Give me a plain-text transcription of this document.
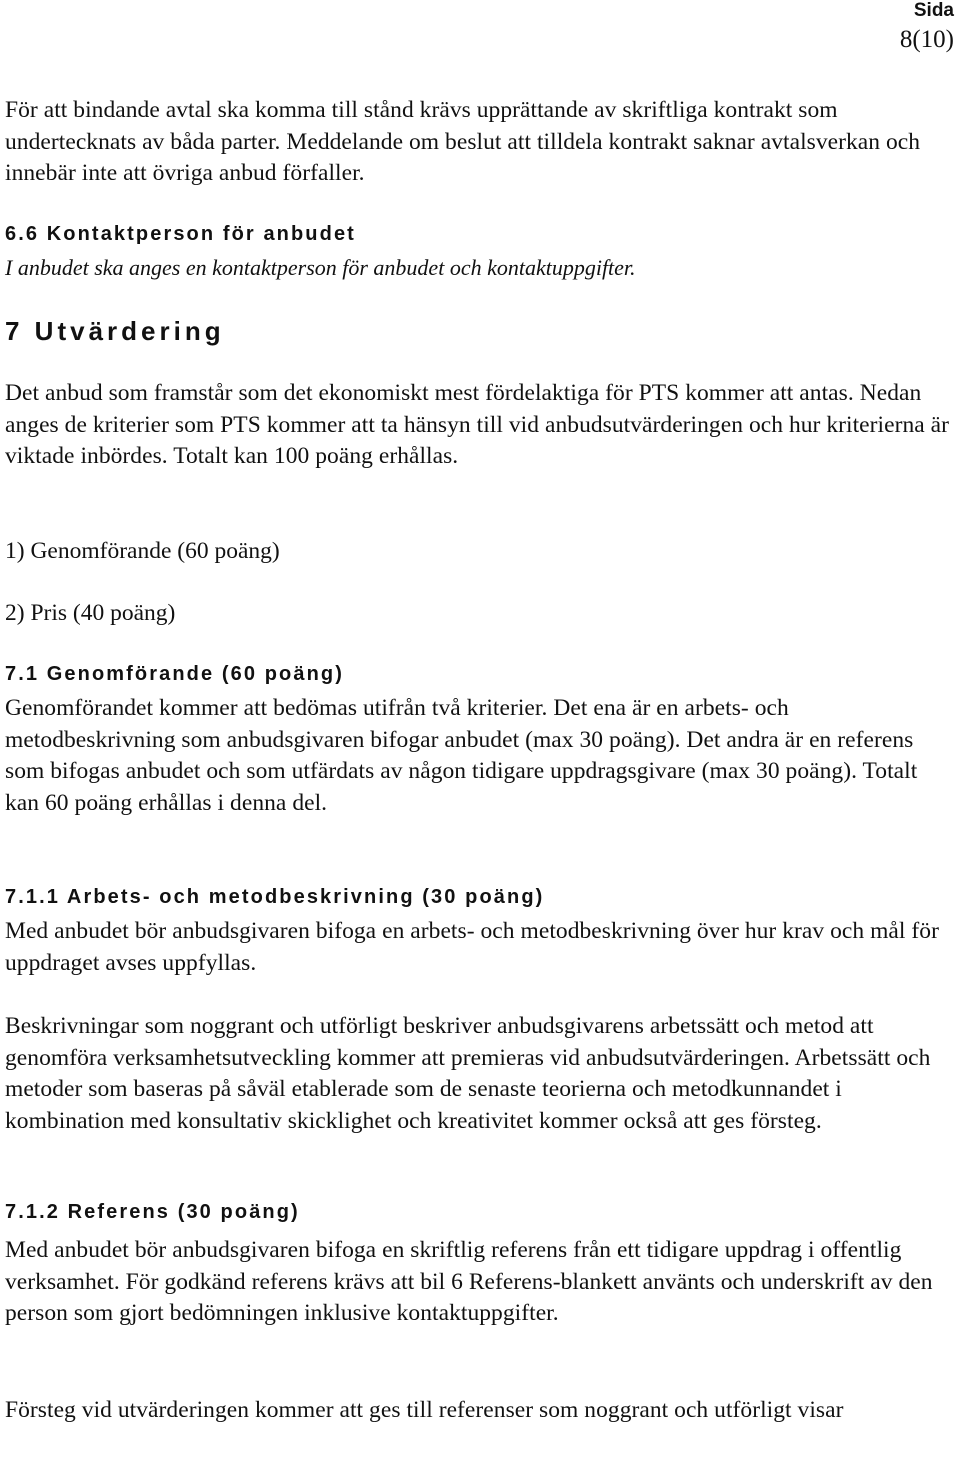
Sida
8(10)

För att bindande avtal ska komma till stånd krävs upprättande av skriftliga kontrakt som undertecknats av båda parter. Meddelande om beslut att tilldela kontrakt saknar avtalsverkan och innebär inte att övriga anbud förfaller.

6.6 Kontaktperson för anbudet

I anbudet ska anges en kontaktperson för anbudet och kontaktuppgifter.

7 Utvärdering

Det anbud som framstår som det ekonomiskt mest fördelaktiga för PTS kommer att antas. Nedan anges de kriterier som PTS kommer att ta hänsyn till vid anbudsutvärderingen och hur kriterierna är viktade inbördes. Totalt kan 100 poäng erhållas.

1) Genomförande (60 poäng)
2) Pris (40 poäng)
7.1 Genomförande (60 poäng)

Genomförandet kommer att bedömas utifrån två kriterier. Det ena är en arbets- och metodbeskrivning som anbudsgivaren bifogar anbudet (max 30 poäng). Det andra är en referens som bifogas anbudet och som utfärdats av någon tidigare uppdragsgivare (max 30 poäng). Totalt kan 60 poäng erhållas i denna del.

7.1.1 Arbets- och metodbeskrivning (30 poäng)

Med anbudet bör anbudsgivaren bifoga en arbets- och metodbeskrivning över hur krav och mål för uppdraget avses uppfyllas.

Beskrivningar som noggrant och utförligt beskriver anbudsgivarens arbetssätt och metod att genomföra verksamhetsutveckling kommer att premieras vid anbudsutvärderingen. Arbetssätt och metoder som baseras på såväl etablerade som de senaste teorierna och metodkunnandet i kombination med konsultativ skicklighet och kreativitet kommer också att ges försteg.

7.1.2 Referens (30 poäng)

Med anbudet bör anbudsgivaren bifoga en skriftlig referens från ett tidigare uppdrag i offentlig verksamhet. För godkänd referens krävs att bil 6 Referens-blankett använts och underskrift av den person som gjort bedömningen inklusive kontaktuppgifter.

Försteg vid utvärderingen kommer att ges till referenser som noggrant och utförligt visar
